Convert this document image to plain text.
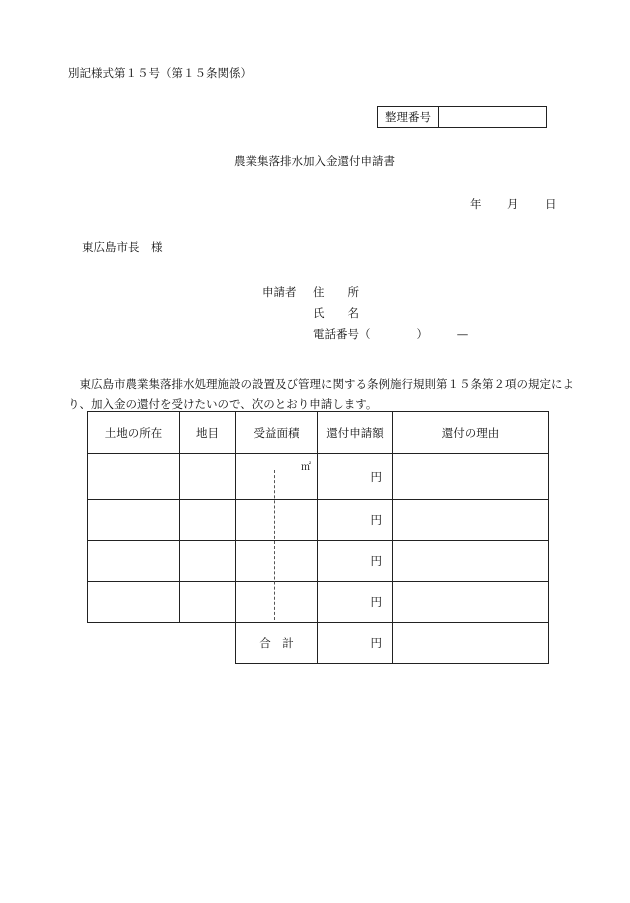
別記様式第１５号（第１５条関係）
整理番号
農業集落排水加入金還付申請書
年 月 日
東広島市長　様
申請者 住　　所
氏　　名
電話番号（　　　　）　　　—
　東広島市農業集落排水処理施設の設置及び管理に関する条例施行規則第１５条第２項の規定により、加入金の還付を受けたいので、次のとおり申請します。
土地の所在	地目	受益面積	還付申請額	還付の理由

		㎡	円	
			円	
			円	
			円	
		合　計	円	
